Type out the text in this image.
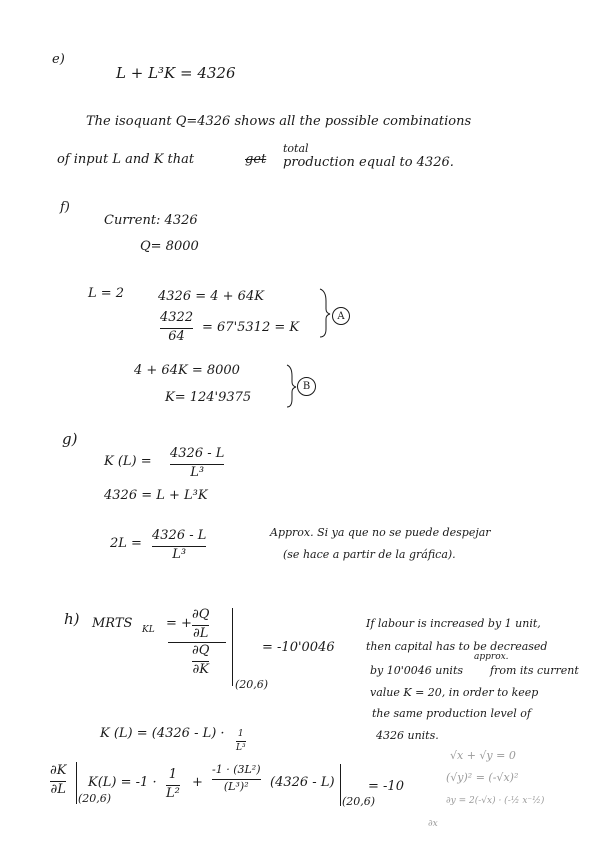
e)
L + L³K = 4326
The isoquant Q=4326 shows all the possible combinations
total
of input L and K that	get production equal to 4326.
f)
Current: 4326
Q= 8000
L = 2	4326 = 4 + 64K
4322
64
= 67'5312 = K
A
4 + 64K = 8000
K= 124'9375
B
g)
K (L) =
4326 - L
L³
4326 = L + L³K
2L =
4326 - L
L³
Approx. Si ya que no se puede despejar
(se hace a partir de la gráfica).
h) MRTS KL = +
∂Q
∂L
∂Q
∂K
(20,6)
= -10'0046
If labour is increased by 1 unit,
then capital has to be decreased
approx.
by 10'0046 units from its current
value K = 20, in order to keep
the same production level of
4326 units.
K (L) = (4326 - L) · 1
L³
∂K
∂L
(20,6)
K(L) = -1 ·
1
L²
+
-1 · (3L²)
(L³)² (4326 - L)
(20,6)
= -10
√x + √y = 0
(√y)² = (-√x)²
∂y = 2(-√x) · (-½ x⁻½)
∂x
